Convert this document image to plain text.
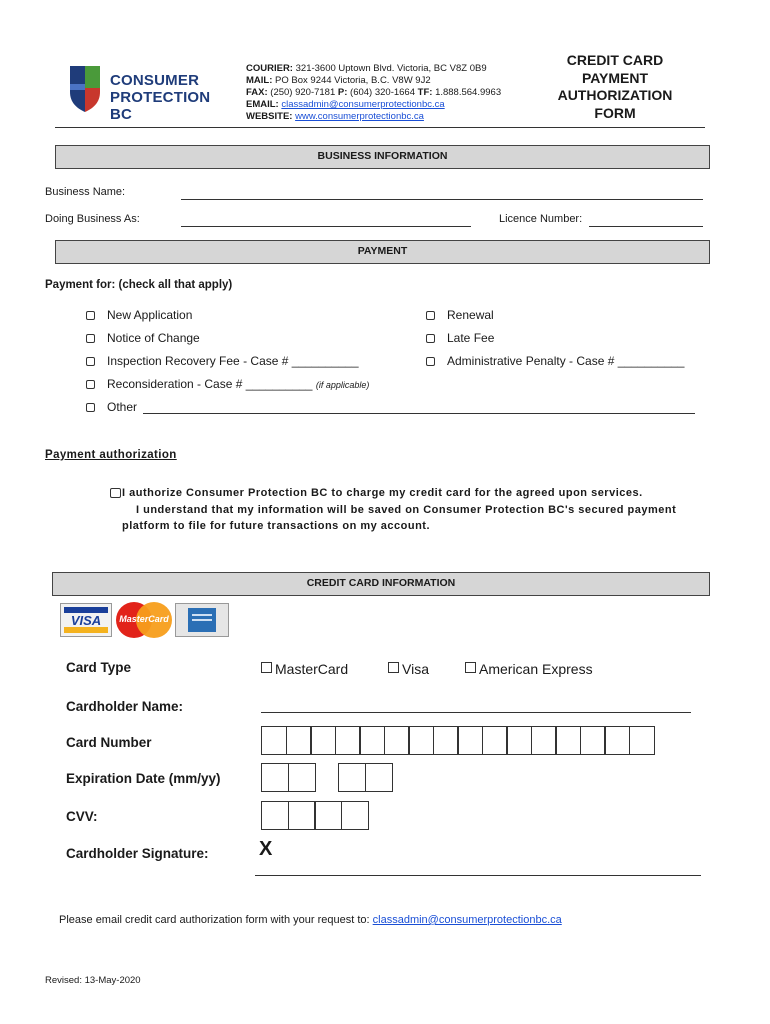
CONSUMER
PROTECTION BC
COURIER: 321-3600 Uptown Blvd. Victoria, BC V8Z 0B9
MAIL: PO Box 9244 Victoria, B.C. V8W 9J2
FAX: (250) 920-7181 P: (604) 320-1664 TF: 1.888.564.9963
EMAIL: classadmin@consumerprotectionbc.ca
WEBSITE: www.consumerprotectionbc.ca
CREDIT CARD
PAYMENT
AUTHORIZATION
FORM
BUSINESS INFORMATION
Business Name:
Doing Business As:	Licence Number:
PAYMENT
Payment for: (check all that apply)
New Application	Renewal
Notice of Change	Late Fee
Inspection Recovery Fee - Case # __________	Administrative Penalty - Case # __________
Reconsideration - Case # __________ (if applicable)
Other
Payment authorization
I authorize Consumer Protection BC to charge my credit card for the agreed upon services.
I understand that my information will be saved on Consumer Protection BC's secured payment
platform to file for future transactions on my account.
CREDIT CARD INFORMATION
VISA	MasterCard
Card Type	MasterCard	Visa	American Express
Cardholder Name:
Card Number
Expiration Date (mm/yy)
CVV:
Cardholder Signature:	X
Please email credit card authorization form with your request to: classadmin@consumerprotectionbc.ca
Revised: 13-May-2020
